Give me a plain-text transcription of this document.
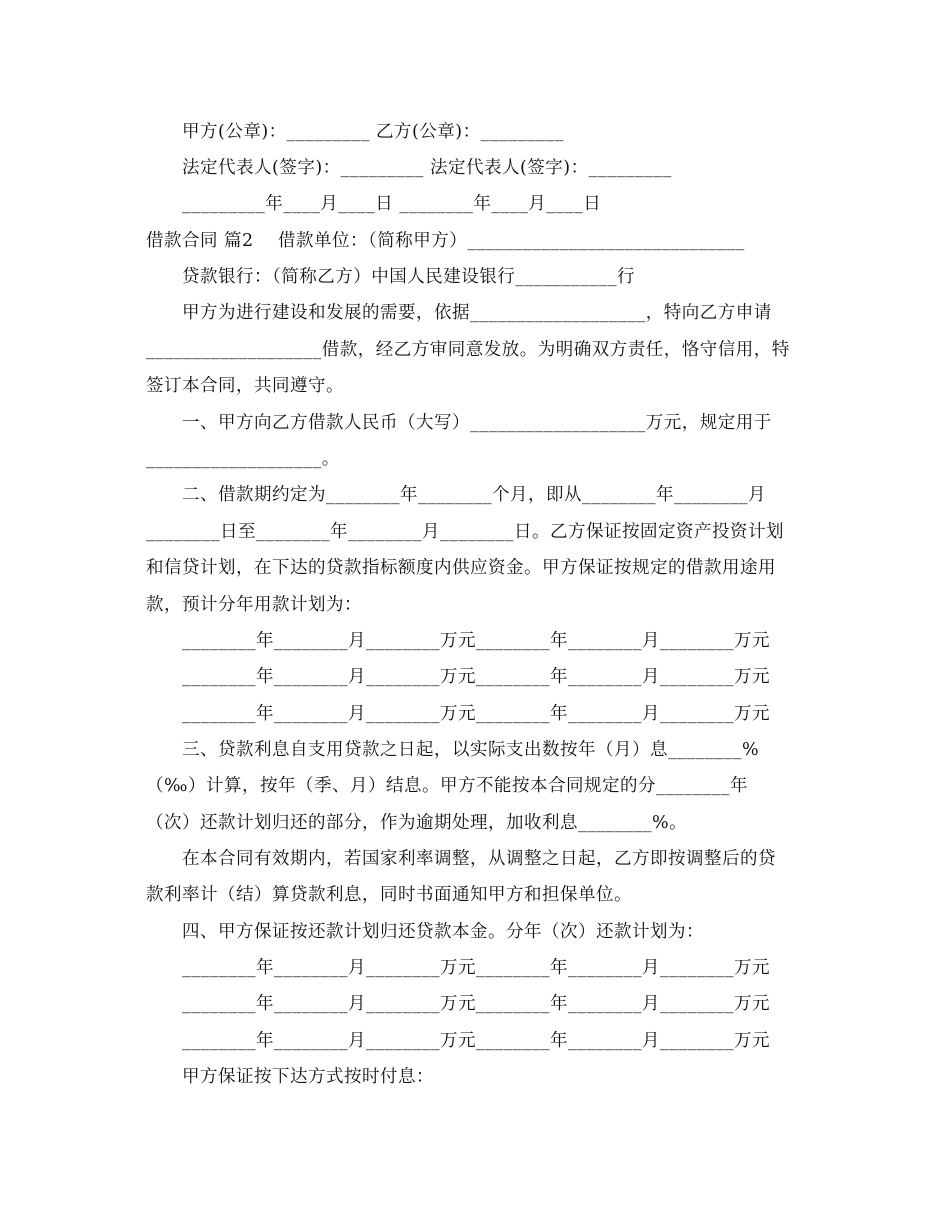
甲方(公章)：_________ 乙方(公章)：_________
法定代表人(签字)：_________ 法定代表人(签字)：_________
_________年____月____日 ________年____月____日
借款合同 篇2    借款单位：（简称甲方）______________________________
贷款银行：（简称乙方）中国人民建设银行___________行
甲方为进行建设和发展的需要，依据___________________，特向乙方申请
___________________借款，经乙方审同意发放。为明确双方责任，恪守信用，特
签订本合同，共同遵守。
一、甲方向乙方借款人民币（大写）___________________万元，规定用于
___________________。
二、借款期约定为________年________个月，即从________年________月
________日至________年________月________日。乙方保证按固定资产投资计划
和信贷计划，在下达的贷款指标额度内供应资金。甲方保证按规定的借款用途用
款，预计分年用款计划为：
________年________月________万元________年________月________万元
________年________月________万元________年________月________万元
________年________月________万元________年________月________万元
三、贷款利息自支用贷款之日起，以实际支出数按年（月）息________%
（‰）计算，按年（季、月）结息。甲方不能按本合同规定的分________年
（次）还款计划归还的部分，作为逾期处理，加收利息________%。
在本合同有效期内，若国家利率调整，从调整之日起，乙方即按调整后的贷
款利率计（结）算贷款利息，同时书面通知甲方和担保单位。
四、甲方保证按还款计划归还贷款本金。分年（次）还款计划为：
________年________月________万元________年________月________万元
________年________月________万元________年________月________万元
________年________月________万元________年________月________万元
甲方保证按下达方式按时付息：
